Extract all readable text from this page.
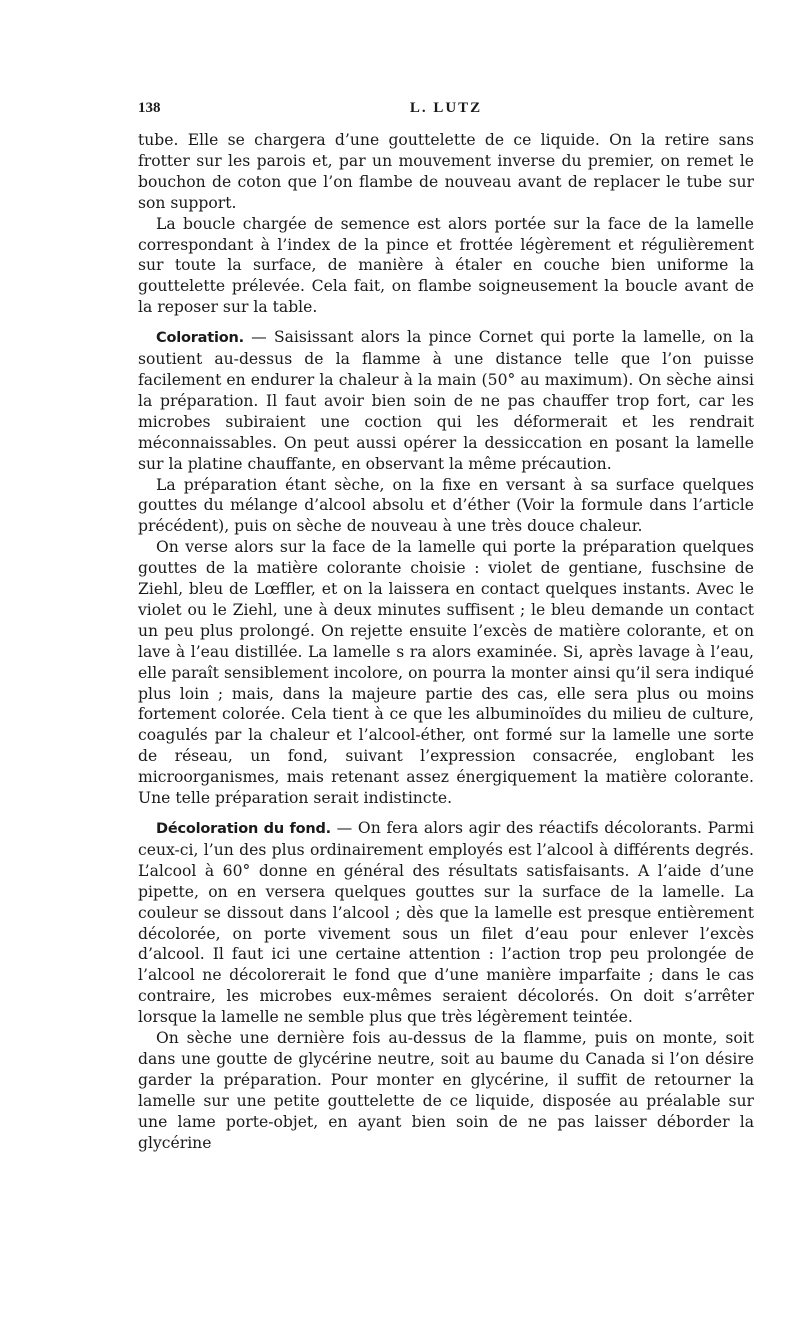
138	L. LUTZ

tube. Elle se chargera d’une gouttelette de ce liquide. On la retire sans frotter sur les parois et, par un mouvement inverse du premier, on remet le bouchon de coton que l’on flambe de nouveau avant de replacer le tube sur son support.

La boucle chargée de semence est alors portée sur la face de la lamelle correspondant à l’index de la pince et frottée légèrement et régulièrement sur toute la surface, de manière à étaler en couche bien uniforme la gouttelette prélevée. Cela fait, on flambe soigneusement la boucle avant de la reposer sur la table.

Coloration. — Saisissant alors la pince Cornet qui porte la lamelle, on la soutient au-dessus de la flamme à une distance telle que l’on puisse facilement en endurer la chaleur à la main (50° au maximum). On sèche ainsi la préparation. Il faut avoir bien soin de ne pas chauffer trop fort, car les microbes subiraient une coction qui les déformerait et les rendrait méconnaissables. On peut aussi opérer la dessiccation en posant la lamelle sur la platine chauffante, en observant la même précaution.

La préparation étant sèche, on la fixe en versant à sa surface quelques gouttes du mélange d’alcool absolu et d’éther (Voir la formule dans l’article précédent), puis on sèche de nouveau à une très douce chaleur.

On verse alors sur la face de la lamelle qui porte la préparation quelques gouttes de la matière colorante choisie : violet de gentiane, fuschsine de Ziehl, bleu de Lœffler, et on la laissera en contact quelques instants. Avec le violet ou le Ziehl, une à deux minutes suffisent ; le bleu demande un contact un peu plus prolongé. On rejette ensuite l’excès de matière colorante, et on lave à l’eau distillée. La lamelle s ra alors examinée. Si, après lavage à l’eau, elle paraît sensiblement incolore, on pourra la monter ainsi qu’il sera indiqué plus loin ; mais, dans la majeure partie des cas, elle sera plus ou moins fortement colorée. Cela tient à ce que les albuminoïdes du milieu de culture, coagulés par la chaleur et l’alcool-éther, ont formé sur la lamelle une sorte de réseau, un fond, suivant l’expression consacrée, englobant les microorganismes, mais retenant assez énergiquement la matière colorante. Une telle préparation serait indistincte.

Décoloration du fond. — On fera alors agir des réactifs décolorants. Parmi ceux-ci, l’un des plus ordinairement employés est l’alcool à différents degrés. L’alcool à 60° donne en général des résultats satisfaisants. A l’aide d’une pipette, on en versera quelques gouttes sur la surface de la lamelle. La couleur se dissout dans l’alcool ; dès que la lamelle est presque entièrement décolorée, on porte vivement sous un filet d’eau pour enlever l’excès d’alcool. Il faut ici une certaine attention : l’action trop peu prolongée de l’alcool ne décolorerait le fond que d’une manière imparfaite ; dans le cas contraire, les microbes eux-mêmes seraient décolorés. On doit s’arrêter lorsque la lamelle ne semble plus que très légèrement teintée.

On sèche une dernière fois au-dessus de la flamme, puis on monte, soit dans une goutte de glycérine neutre, soit au baume du Canada si l’on désire garder la préparation. Pour monter en glycérine, il suffit de retourner la lamelle sur une petite gouttelette de ce liquide, disposée au préalable sur une lame porte-objet, en ayant bien soin de ne pas laisser déborder la glycérine
